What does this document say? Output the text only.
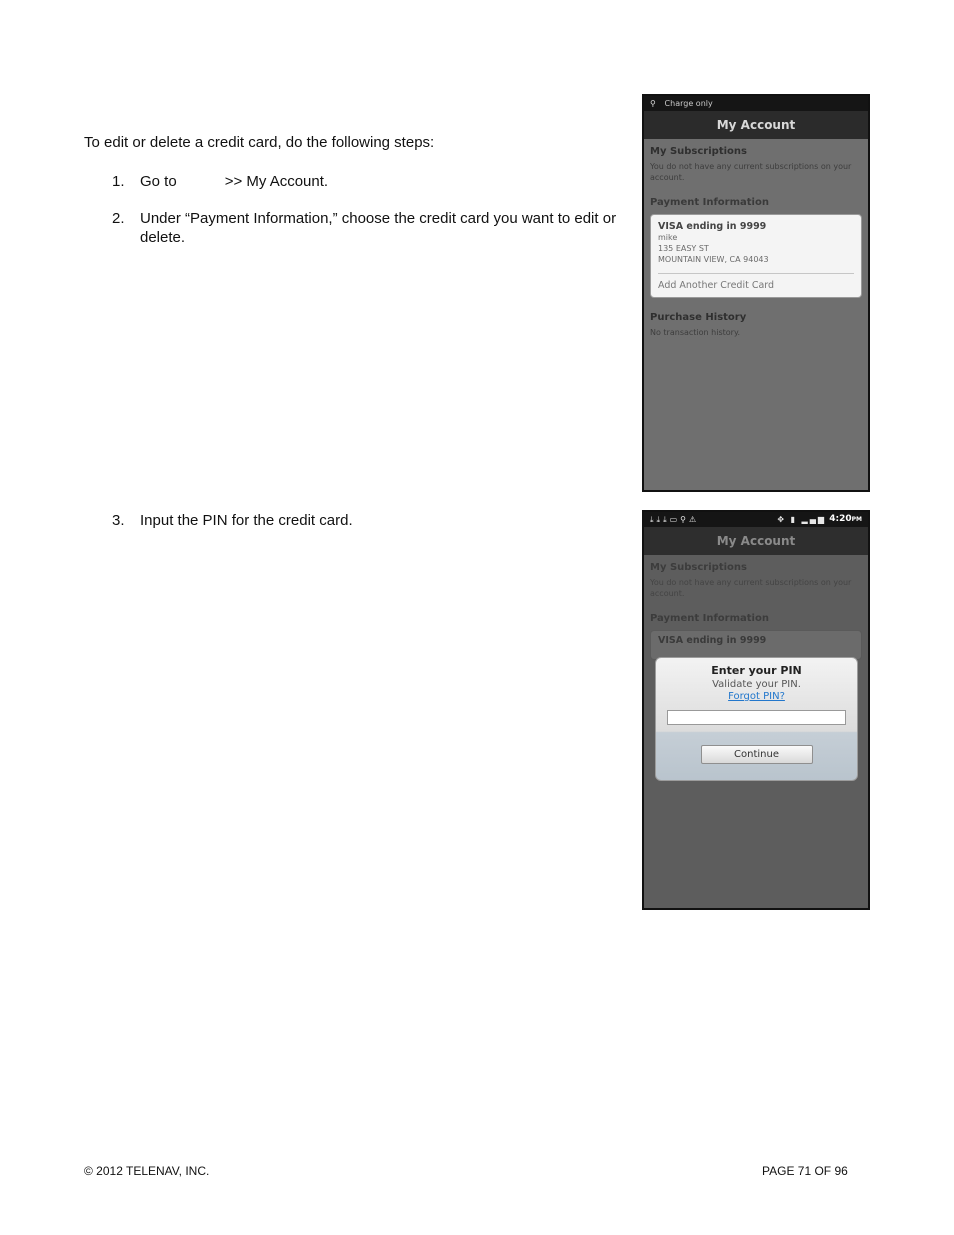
To edit or delete a credit card, do the following steps:
1.	Go to	>> My Account.
2.	Under “Payment Information,” choose the credit card you want to edit or delete.
3.	Input the PIN for the credit card.
⚲ Charge only
My Account
My Subscriptions
You do not have any current subscriptions on your account.
Payment Information
VISA ending in 9999
mike
135 EASY ST
MOUNTAIN VIEW, CA 94043
Add Another Credit Card
Purchase History
No transaction history.
⤓⤓⤓▭⚲⚠	✥ ▮ ▂▄▆ 4:20PM
My Account
My Subscriptions
You do not have any current subscriptions on your account.
Payment Information
VISA ending in 9999
Enter your PIN
Validate your PIN.
Forgot PIN?
Continue
© 2012 TELENAV, INC.	PAGE 71 OF 96
